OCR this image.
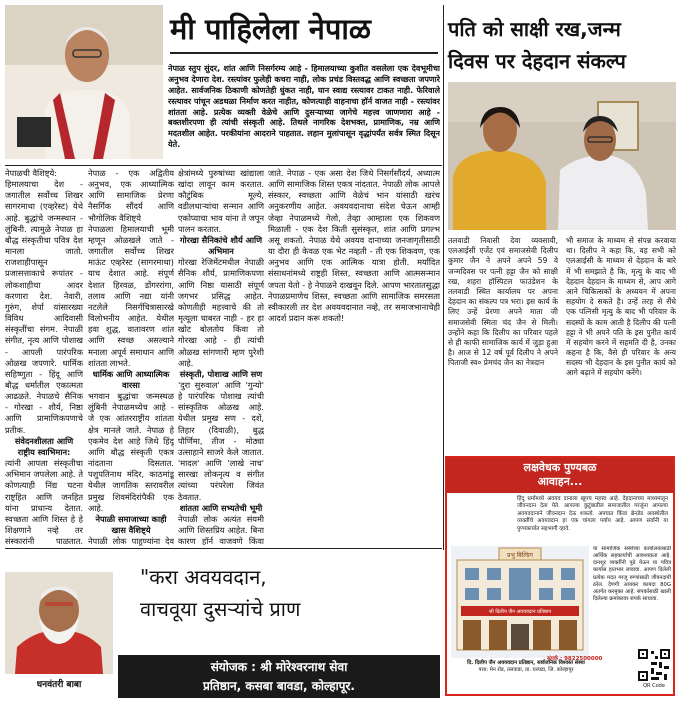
मी पाहिलेला नेपाळ
नेपाळ स्तुप सुंदर, शांत आणि निसर्गरम्य आहे - हिमालयाच्या कुशीत वसलेला एक देवभूमीचा अनुभव देणारा देश. रस्त्यांवर फुलेही कचरा नाही, लोक प्रचंड विस्तवद्ध आणि स्वच्छता जपणारे आहेत. सार्वजनिक ठिकाणी कोणतेही धुंकत नाही, घान स्वाद्य रस्त्यावर टाकत नाही. फेरिवाले रस्त्यावर पांचून अडथळा निर्माण करत नाहीत, कोणत्याही वाहनाचा हॉर्न वाजत नाही - रस्त्यांवर शांतता आहे. प्रत्येक व्यक्ती वेळेचे आणि दुसऱ्याच्या जागेचे महत्त्व जाणणारा आहे - बक्तशीरपणा ही त्यांची संस्कृती आहे. तिथले नागरिक देशभक्त, प्रामाणिक, नम्र आणि मदतशील आहेत. परकीयांना आदराने पाहतात. लहान मुलांपासून वृद्धांपर्यंत सर्वत्र स्मित दिसून येते.
नेपाळची वैशिष्ट्ये:
हिमालयाचा देश - जगातील सर्वोच्च शिखर सागरमाथा (एव्हरेस्ट) येथे आहे. बुद्धांचे जन्मस्थान - लुंबिनी. त्यामुळे नेपाळ हा बौद्ध संस्कृतीचा पवित्र देश मानला जातो. राजशाहीपासून प्रजासत्ताकाचे रूपांतर - लोकशाहीचा आदर करणारा देश. नेवारी, गुरुंग, शेर्पा यांसारख्या विविध आदिवासी संस्कृतींचा संगम. नेपाळी संगीत, नृत्य आणि पोशाख - आपली पारंपरिक ओळख जपणारे. धार्मिक सहिष्णुता - हिंदू आणि बौद्ध धर्मातील एकात्मता आढळते. नेपाळचे सैनिक - गोरखा - शौर्य, निष्ठा आणि प्रामाणिकपणाचे प्रतीक.
संवेदनशीलता आणि राष्ट्रीय स्वाभिमान:
त्यांनी आपला संस्कृतीचा अभिमान जपलेला आहे. ते कोणत्याही निंद्य घटना राष्ट्रहित आणि जनहित यांना प्राधान्य देतात. स्वच्छता आणि शिस्त हे हे शिक्षणाने नव्हे तर संस्कारांनी पाळतात.
नेपाळ - एक अद्वितीय अनुभव, एक आध्यात्मिक आणि सामाजिक प्रेरणा नैसर्गिक सौंदर्य आणि भौगोलिक वैशिष्ट्ये
नेपाळला हिमालयाची भूमी म्हणून ओळखले जाते - जगातील सर्वोच्च शिखर माऊंट एव्हरेस्ट (सागरमाथा) याच देशात आहे. संपूर्ण देशात हिरवळ, डोंगररांगा, तलाव आणि नद्या यांनी नटलेले निसर्गचित्रासारखे विलोभनीय आहेत. येथील हवा शुद्ध, वातावरण शांत आणि स्वच्छ असल्याने मनाला अपूर्व समाधान आणि शांतता लाभते.
धार्मिक आणि आध्यात्मिक वारसा
भगवान बुद्धांचा जन्मस्थळ लुंबिनी नेपाळमध्येच आहे - जे एक आंतरराष्ट्रीय शांतता क्षेत्र मानले जाते. नेपाळ हे एकमेव देश आहे जिथे हिंदू आणि बौद्ध संस्कृती एकत्र नांदताना दिसतात. पशुपतिनाथ मंदिर, काठमांडू येथील जागतिक स्तरावरील प्रमुख शिवमंदिरांपैकी एक आहे.
नेपाळी समाजाच्या काही खास वैशिष्ट्ये
नेपाळी लोक पाहुण्यांना देव
क्षेत्रांमध्ये पुरुषांच्या खांद्याला खांदा लावून काम करतात. कौटुंबिक मूल्ये, वडीलधाऱ्यांचा सन्मान आणि एकोप्याचा भाव यांना ते जपून पालन करतात.
गोरखा सैनिकांचे शौर्य आणि अभिमान
गोरखा रेजिमेंटमधील नेपाळी सैनिक शौर्य, प्रामाणिकपणा आणि निष्ठा यासाठी संपूर्ण जगभर प्रसिद्ध आहेत. कोणतीही महत्त्वाचे की तो मृत्यूला घाबरत नाही - हर हा खोट बोलतोय किंवा तो गोरखा आहे - ही त्यांची ओळख सांगणारी म्हण पुरेशी आहे.
संस्कृती, पोशाख आणि सण
'दुरा सुरुवाल' आणि 'गुन्यो' हे पारंपरिक पोशाख त्यांची सांस्कृतिक ओळख आहे. येथील प्रमुख सण - दशें, तिहार (दिवाळी), बुद्ध पौर्णिमा, तीज - मोठ्या उत्साहाने साजरे केले जातात. 'मादल' आणि 'लाखे नाच' सारखा लोकनृत्य व संगीत त्यांच्या परंपरेला जिवंत ठेवतात.
शांतता आणि सभ्यतेची भूमी
नेपाळी लोक अत्यंत संयमी आणि शिस्तप्रिय आहेत. बिना कारण हॉर्न वाजवणे किंवा
जाते. नेपाळ - एक असा देश जिथे निसर्गसौंदर्य, अध्यात्म आणि सामाजिक शिस्त एकत्र नांदतात. नेपाळी लोक आपले संस्कार, स्वच्छता आणि वेळेचं भान यांसाठी खरंच अनुकरणीय आहेत. अवयवदानाचा संदेश घेऊन आम्ही जेव्हा नेपाळमध्ये गेलो, तेव्हा आम्हाला एक शिकवण मिळाली - एक देश किती सुसंस्कृत, शांत आणि प्रगल्भ असू शकतो. नेपाळ येथे अवयव दानाच्या जनजागृतीसाठी या दौरा ही केवळ एक भेट नव्हती - ती एक शिकवण, एक अनुभव आणि एक आत्मिक यात्रा होती. मर्यादित संसाधनांमध्ये राष्ट्रही शिस्त, स्वच्छता आणि आत्मसन्मान जपता येतो - हे नेपाळने दाखवून दिले. आपण भारतातसुद्धा नेपाळप्रमाणेच शिस्त, स्वच्छता आणि सामाजिक समरसता स्वीकारली तर देश अवयवदानात नव्हे, तर समाजभानाचेही आदर्श प्रदान करू शकतो!
पति को साक्षी रख,जन्म
दिवस पर देहदान संकल्प
तलवाडी निवासी देवा व्यवसायी, एलआईसी एजेंट एवं समाजसेवी दिलीप कुमार जैन ने अपने अपने 59 वे जन्मदिवस पर पत्नी हट्टा जैन को साक्षी रख, शहरा हॉस्पिटल फाउंडेशन के तलवाडी स्थित कार्यालय पर अपना देहदान का संकल्प पत्र भरा। इस कार्य के लिए उन्हें प्रेरणा अपने माता जी समाजसेवी स्मिता चंद जैन से मिली। उन्होंने कहा कि दिलीप का परिवार पहले से ही काफी सामाजिक कार्य में जुड़ा हुआ है। आज से 12 वर्ष पूर्व दिलीप ने अपने पिताजी स्व० प्रेमचंद जैन का नेत्रदान
भी समाज के माध्यम से संपन्न करवाया था। दिलीप ने कहा कि, वह सभी को एलआईसी के माध्यम से देहदान के बारे में भी समझाते है कि, मृत्यु के बाद भी देहदान देहदान के माध्यम से, आप आगे आने चिकित्सकों के अध्ययन में अपना सहयोग दे सकते है। उन्हें तरह से सैंधे एक पत्निसी मृत्यु के बाद भी परिवार के सदस्यों के काम आती है दिलीप की पत्नी हट्टा ने भी अपने पति के इस पुनीत कार्य में सहयोग करने में सहमति दी है, उनका कहना है कि, वैसे ही परिवार के अन्य सदस्य भी देहदान के इस पुनीत कार्य को आगे बढ़ाने में सहयोग करेंगे।
लक्षवेधक पुण्यबळ
आवाहन...
हिंदू धर्मामध्ये अवयव दानाला खूपच महत्त्व आहे. देहदानाच्या माध्यमातून जीवनदान देता येते. आपल्या कुटुंबातील समाजातील गरजूंना आपल्या अवयवदानाने जीवनदान देऊ शकतो. अपघात किंवा ब्रेनडेड अवस्थेतील व्यक्तींचे अवयवदान हा एक चांगला पर्याय आहे. आपण सर्वांनी या पुण्यकार्यात सहभागी व्हावे.
प्रभु बिल्डिंग
श्री दिलीप जैन अवयवदान प्रतिष्ठान
या सामाजिक संस्थेच्या कार्यालयासाठी आर्थिक सहकार्याची आवश्यकता आहे. दानशूर व्यक्तींनी पुढे येऊन या पवित्र कार्यास हातभार लावावा. आपण दिलेली प्रत्येक मदत गरजू रुग्णांसाठी जीवनदायी ठरेल. देणगी आयकर कायदा 80G अंतर्गत करमुक्त आहे. संपर्कासाठी खाली दिलेल्या क्रमांकावर संपर्क साधावा.
दि. दिलीप जैन अवयवदान प्रतिष्ठान, सार्वजनिक विश्वस्त संस्था
पत्ता: मेन रोड, तलवाडा, ता. घरघडा, जि. कोल्हापूर
संपर्क : 9822500000
QR Code
धनवंतरी बाबा
"करा अवयवदान,
वाचवूया दुसऱ्यांचे प्राण
संयोजक : श्री मोरेश्वरनाथ सेवा
प्रतिष्ठान, कसबा बावडा, कोल्हापूर.
